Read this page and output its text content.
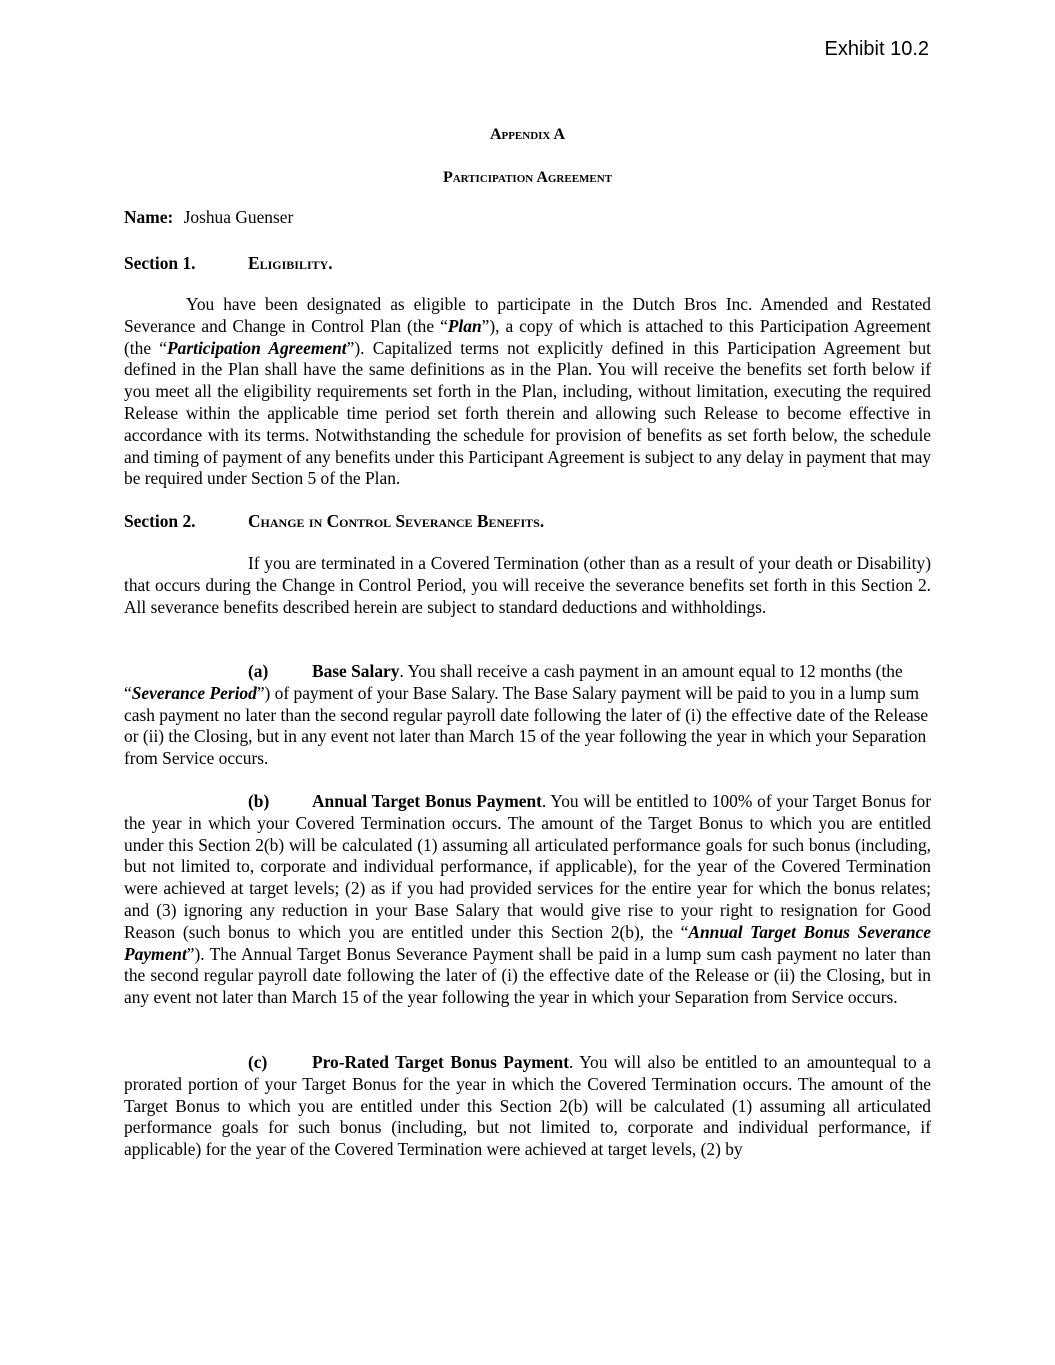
Exhibit 10.2
Appendix A
Participation Agreement
Name: Joshua Guenser
Section 1.	Eligibility.

You have been designated as eligible to participate in the Dutch Bros Inc. Amended and Restated Severance and Change in Control Plan (the “Plan”), a copy of which is attached to this Participation Agreement (the “Participation Agreement”). Capitalized terms not explicitly defined in this Participation Agreement but defined in the Plan shall have the same definitions as in the Plan. You will receive the benefits set forth below if you meet all the eligibility requirements set forth in the Plan, including, without limitation, executing the required Release within the applicable time period set forth therein and allowing such Release to become effective in accordance with its terms. Notwithstanding the schedule for provision of benefits as set forth below, the schedule and timing of payment of any benefits under this Participant Agreement is subject to any delay in payment that may be required under Section 5 of the Plan.

Section 2.	Change in Control Severance Benefits.

If you are terminated in a Covered Termination (other than as a result of your death or Disability) that occurs during the Change in Control Period, you will receive the severance benefits set forth in this Section 2. All severance benefits described herein are subject to standard deductions and withholdings.

(a)	Base Salary. You shall receive a cash payment in an amount equal to 12 months (the “Severance Period”) of payment of your Base Salary. The Base Salary payment will be paid to you in a lump sum cash payment no later than the second regular payroll date following the later of (i) the effective date of the Release or (ii) the Closing, but in any event not later than March 15 of the year following the year in which your Separation from Service occurs.

(b) Annual Target Bonus Payment. You will be entitled to 100% of your Target Bonus for the year in which your Covered Termination occurs. The amount of the Target Bonus to which you are entitled under this Section 2(b) will be calculated (1) assuming all articulated performance goals for such bonus (including, but not limited to, corporate and individual performance, if applicable), for the year of the Covered Termination were achieved at target levels; (2) as if you had provided services for the entire year for which the bonus relates; and (3) ignoring any reduction in your Base Salary that would give rise to your right to resignation for Good Reason (such bonus to which you are entitled under this Section 2(b), the “Annual Target Bonus Severance Payment”). The Annual Target Bonus Severance Payment shall be paid in a lump sum cash payment no later than the second regular payroll date following the later of (i) the effective date of the Release or (ii) the Closing, but in any event not later than March 15 of the year following the year in which your Separation from Service occurs.

(c)	Pro-Rated Target Bonus Payment. You will also be entitled to an amountequal to a prorated portion of your Target Bonus for the year in which the Covered Termination occurs. The amount of the Target Bonus to which you are entitled under this Section 2(b) will be calculated (1) assuming all articulated performance goals for such bonus (including, but not limited to, corporate and individual performance, if applicable) for the year of the Covered Termination were achieved at target levels, (2) by
